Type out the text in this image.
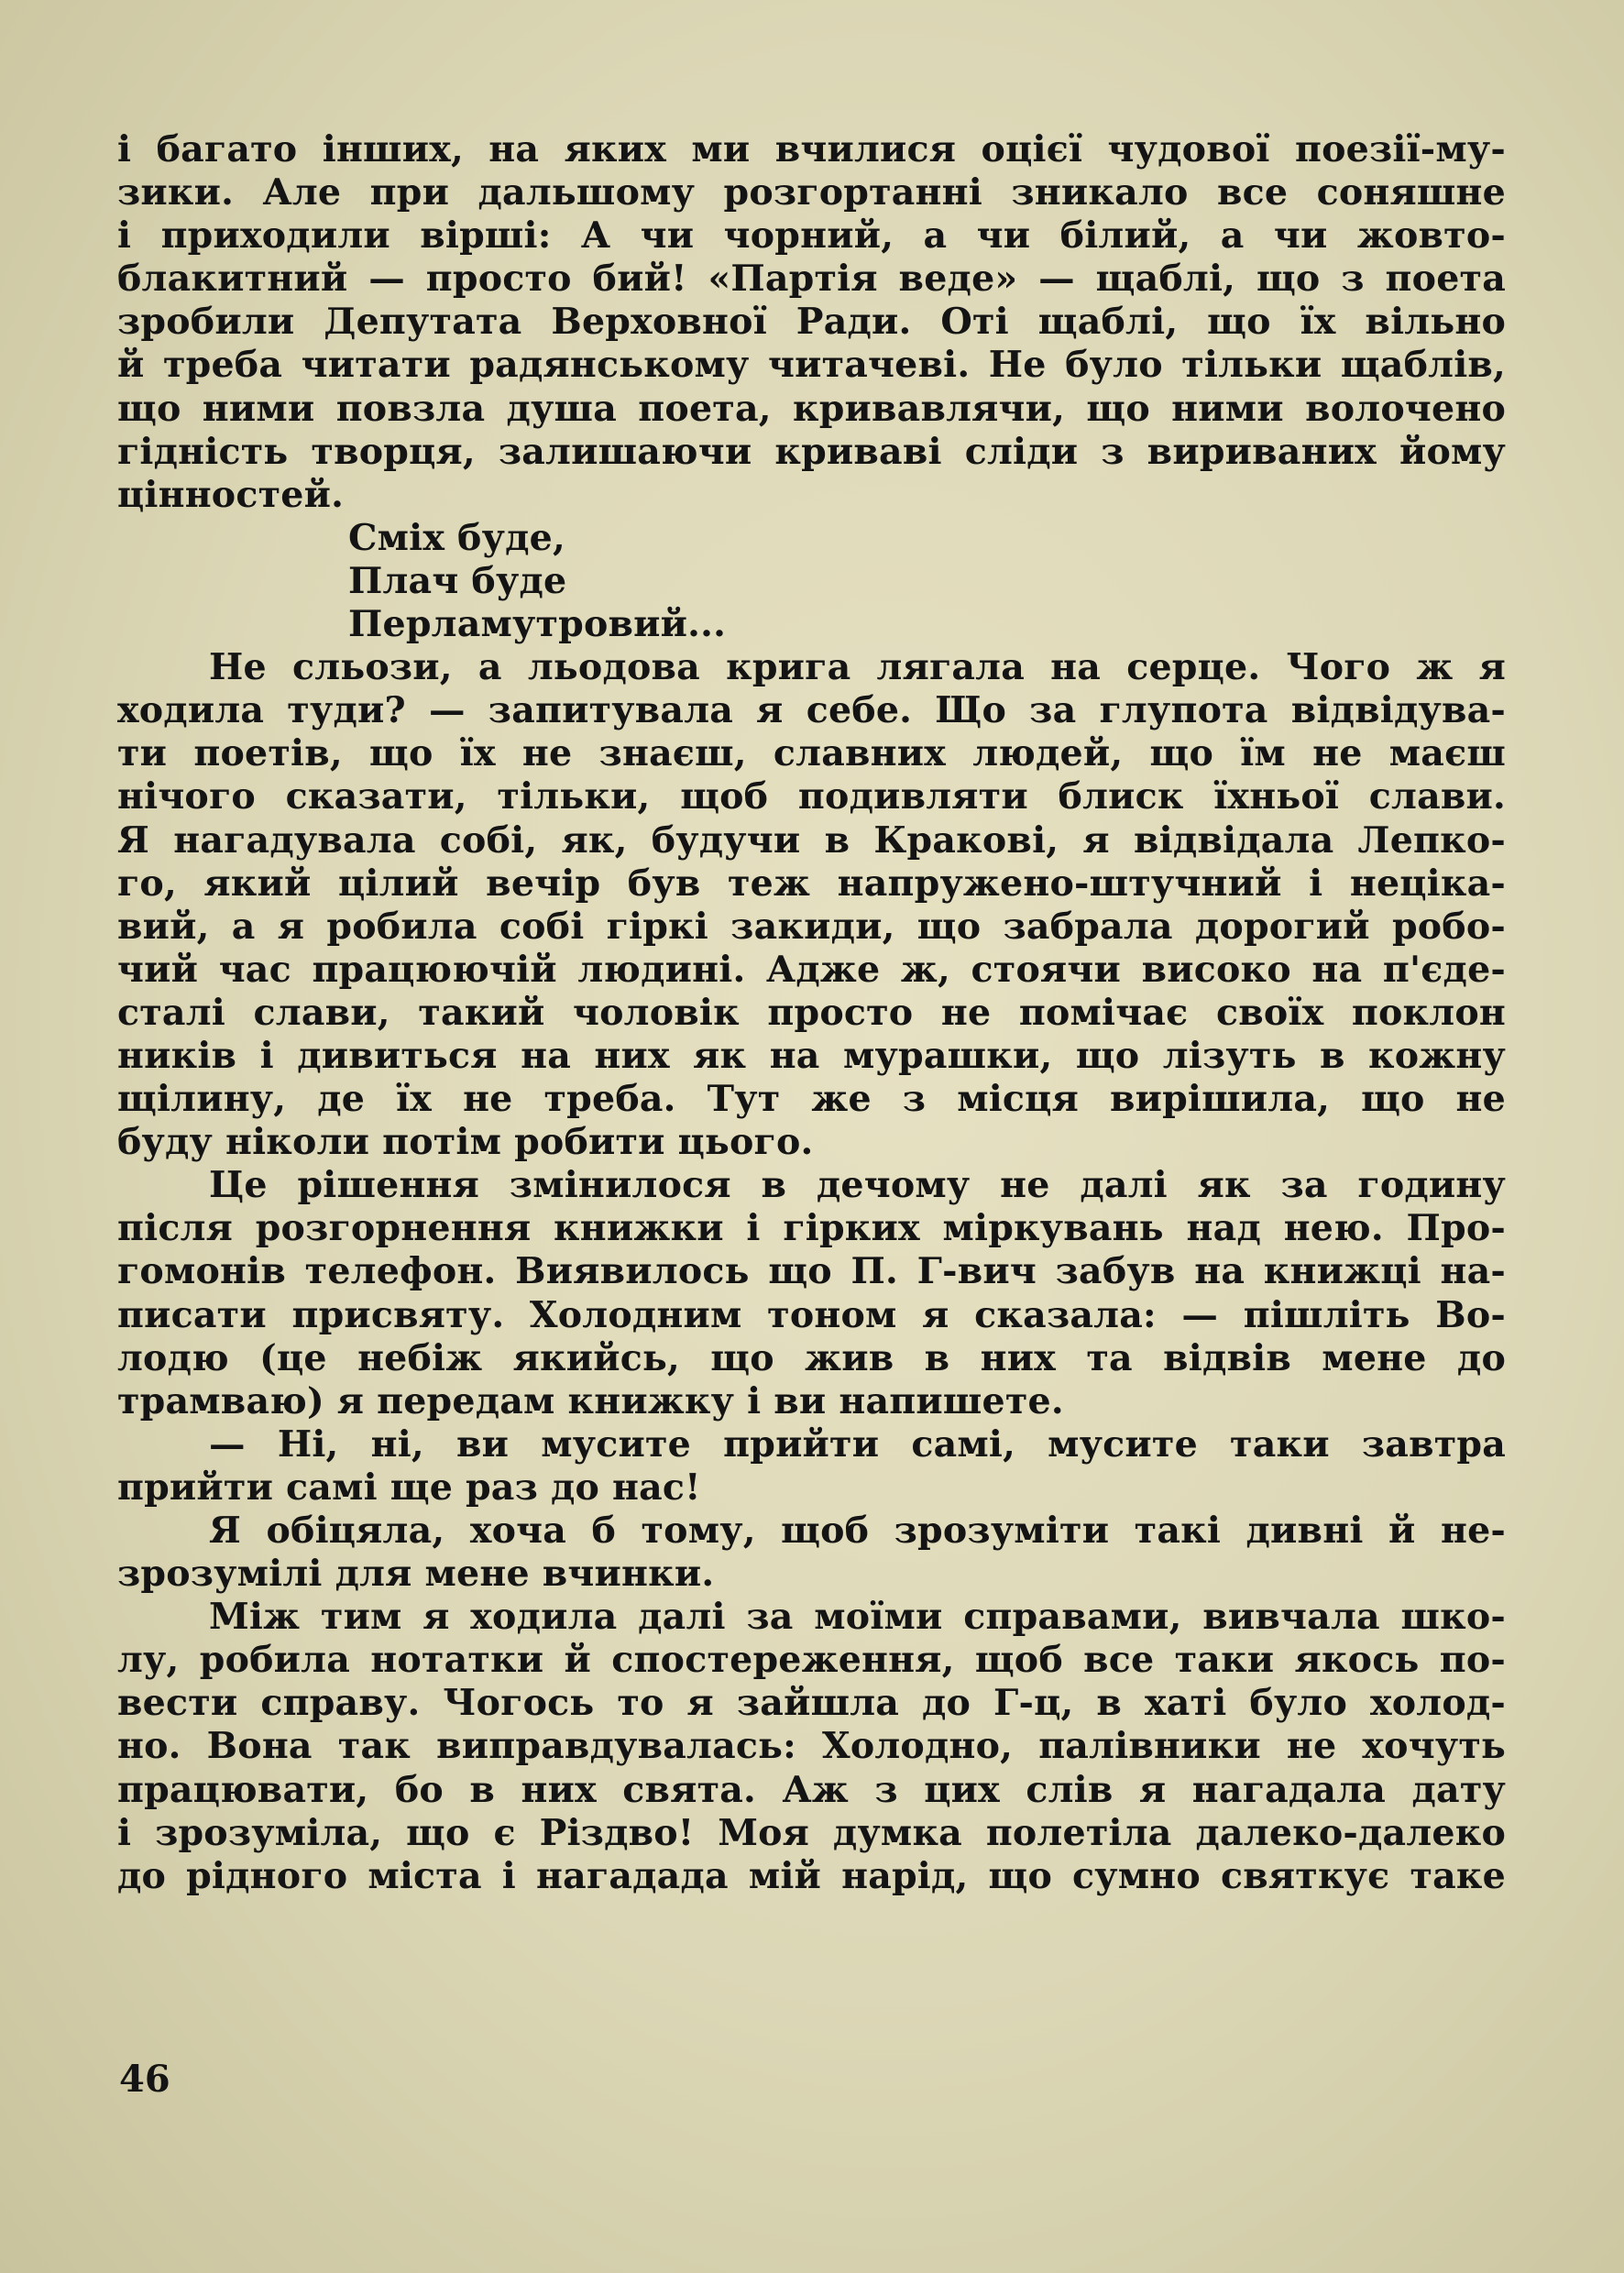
і багато інших, на яких ми вчилися оцієї чудової поезії-му-
зики. Але при дальшому розгортанні зникало все соняшне
і приходили вірші: А чи чорний, а чи білий, а чи жовто-
блакитний — просто бий! «Партія веде» — щаблі, що з поета
зробили Депутата Верховної Ради. Оті щаблі, що їх вільно
й треба читати радянському читачеві. Не було тільки щаблів,
що ними повзла душа поета, кривавлячи, що ними волочено
гідність творця, залишаючи криваві сліди з вириваних йому
цінностей.
Сміх буде,
Плач буде
Перламутровий...
Не сльози, а льодова крига лягала на серце. Чого ж я
ходила туди? — запитувала я себе. Що за глупота відвідува-
ти поетів, що їх не знаєш, славних людей, що їм не маєш
нічого сказати, тільки, щоб подивляти блиск їхньої слави.
Я нагадувала собі, як, будучи в Кракові, я відвідала Лепко-
го, який цілий вечір був теж напружено-штучний і нецікa-
вий, а я робила собі гіркі закиди, що забрала дорогий робо-
чий час працюючій людині. Адже ж, стоячи високо на п'єде-
сталі слави, такий чоловік просто не помічає своїх поклон
ників і дивиться на них як на мурашки, що лізуть в кожну
щілину, де їх не треба. Тут же з місця вирішила, що не
буду ніколи потім робити цього.
Це рішення змінилося в дечому не далі як за годину
після розгорнення книжки і гірких міркувань над нею. Про-
гомонів телефон. Виявилось що П. Г-вич забув на книжці на-
писати присвяту. Холодним тоном я сказала: — пішліть Во-
лодю (це небіж якийсь, що жив в них та відвів мене до
трамваю) я передам книжку і ви напишете.
— Ні, ні, ви мусите прийти самі, мусите таки завтра
прийти самі ще раз до нас!
Я обіцяла, хоча б тому, щоб зрозуміти такі дивні й не-
зрозумілі для мене вчинки.
Між тим я ходила далі за моїми справами, вивчала шко-
лу, робила нотатки й спостереження, щоб все таки якось по-
вести справу. Чогось то я зайшла до Г-ц, в хаті було холод-
но. Вона так виправдувалась: Холодно, палівники не хочуть
працювати, бо в них свята. Аж з цих слів я нагадала дату
і зрозуміла, що є Різдво! Моя думка полетіла далеко-далеко
до рідного міста і нагадада мій нарід, що сумно святкує таке
46
